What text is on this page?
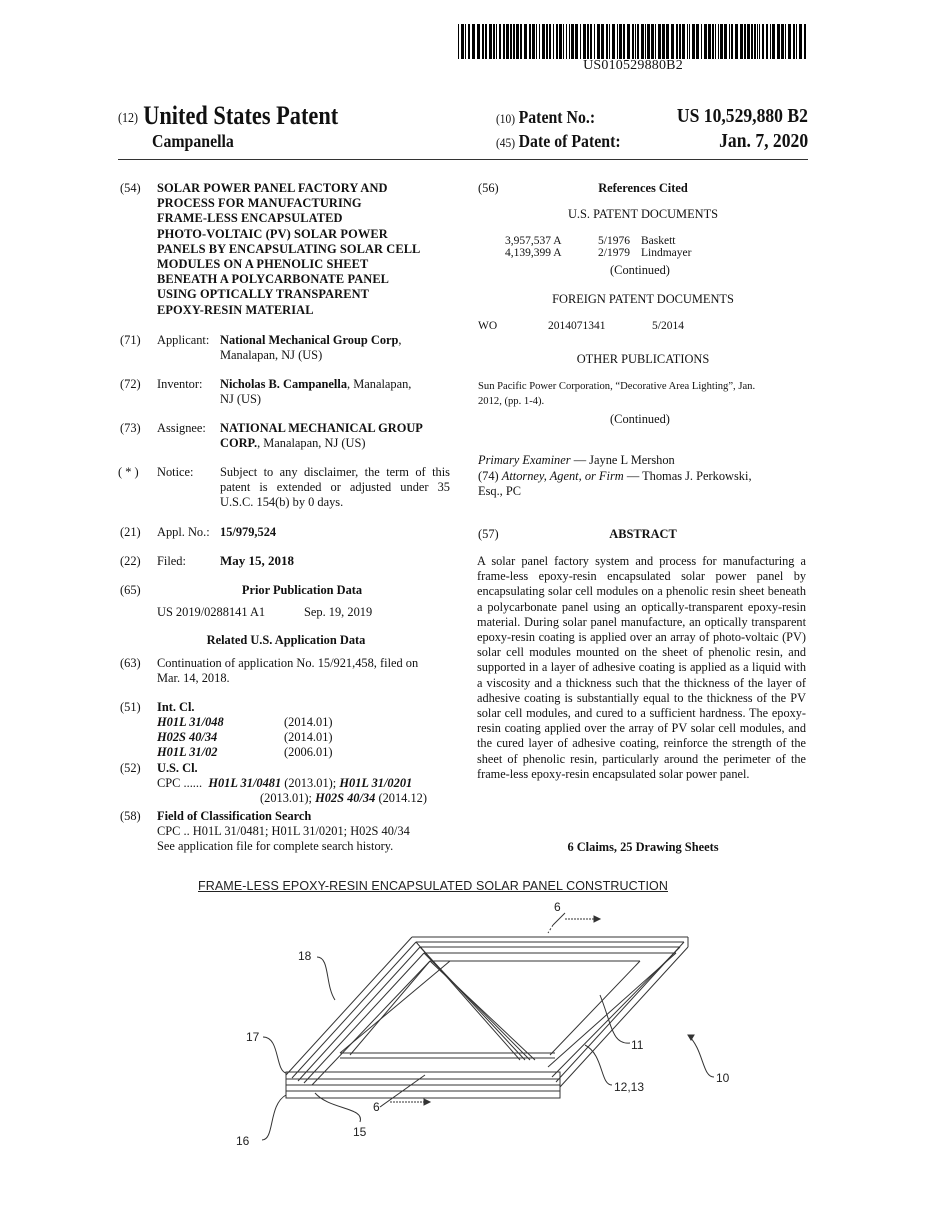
US010529880B2
(12) United States Patent
Campanella
(10) Patent No.:	US 10,529,880 B2
(45) Date of Patent:	Jan. 7, 2020
(54)	SOLAR POWER PANEL FACTORY AND
PROCESS FOR MANUFACTURING
FRAME-LESS ENCAPSULATED
PHOTO-VOLTAIC (PV) SOLAR POWER
PANELS BY ENCAPSULATING SOLAR CELL
MODULES ON A PHENOLIC SHEET
BENEATH A POLYCARBONATE PANEL
USING OPTICALLY TRANSPARENT
EPOXY-RESIN MATERIAL
(71)	Applicant: National Mechanical Group Corp,
Manalapan, NJ (US)
(72)	Inventor: Nicholas B. Campanella, Manalapan,
NJ (US)
(73)	Assignee: NATIONAL MECHANICAL GROUP
CORP., Manalapan, NJ (US)
( * )	Notice: Subject to any disclaimer, the term of this
patent is extended or adjusted under 35
U.S.C. 154(b) by 0 days.
(21)	Appl. No.: 15/979,524
(22)	Filed:	May 15, 2018
(65)	Prior Publication Data
US 2019/0288141 A1	Sep. 19, 2019
Related U.S. Application Data
(63)	Continuation of application No. 15/921,458, filed on
Mar. 14, 2018.
(51)	Int. Cl.
H01L 31/048	(2014.01)
H02S 40/34	(2014.01)
H01L 31/02	(2006.01)
(52)	U.S. Cl.
CPC ...... H01L 31/0481 (2013.01); H01L 31/0201
(2013.01); H02S 40/34 (2014.12)
(58)	Field of Classification Search
CPC .. H01L 31/0481; H01L 31/0201; H02S 40/34
See application file for complete search history.
(56)	References Cited
U.S. PATENT DOCUMENTS
3,957,537 A	5/1976 Baskett
4,139,399 A	2/1979 Lindmayer
(Continued)
FOREIGN PATENT DOCUMENTS
WO	2014071341	5/2014
OTHER PUBLICATIONS
Sun Pacific Power Corporation, “Decorative Area Lighting”, Jan.
2012, (pp. 1-4).
(Continued)
Primary Examiner — Jayne L Mershon
(74) Attorney, Agent, or Firm — Thomas J. Perkowski,
Esq., PC
(57)	ABSTRACT
A solar panel factory system and process for manufacturing a frame-less epoxy-resin encapsulated solar power panel by encapsulating solar cell modules on a phenolic resin sheet beneath a polycarbonate panel using an optically-transparent epoxy-resin material. During solar panel manufacture, an optically transparent epoxy-resin coating is applied over an array of photo-voltaic (PV) solar cell modules mounted on the sheet of phenolic resin, and supported in a layer of adhesive coating is applied as a liquid with a viscosity and a thickness such that the thickness of the layer of adhesive coating is substantially equal to the thickness of the PV solar cell modules, and cured to a sufficient hardness. The epoxy-resin coating applied over the array of PV solar cell modules, and the cured layer of adhesive coating, reinforce the strength of the sheet of phenolic resin, particularly around the perimeter of the frame-less epoxy-resin encapsulated solar power panel.
6 Claims, 25 Drawing Sheets
FRAME-LESS EPOXY-RESIN ENCAPSULATED SOLAR PANEL CONSTRUCTION
6
6
18
17
16
15
11
12,13
10
